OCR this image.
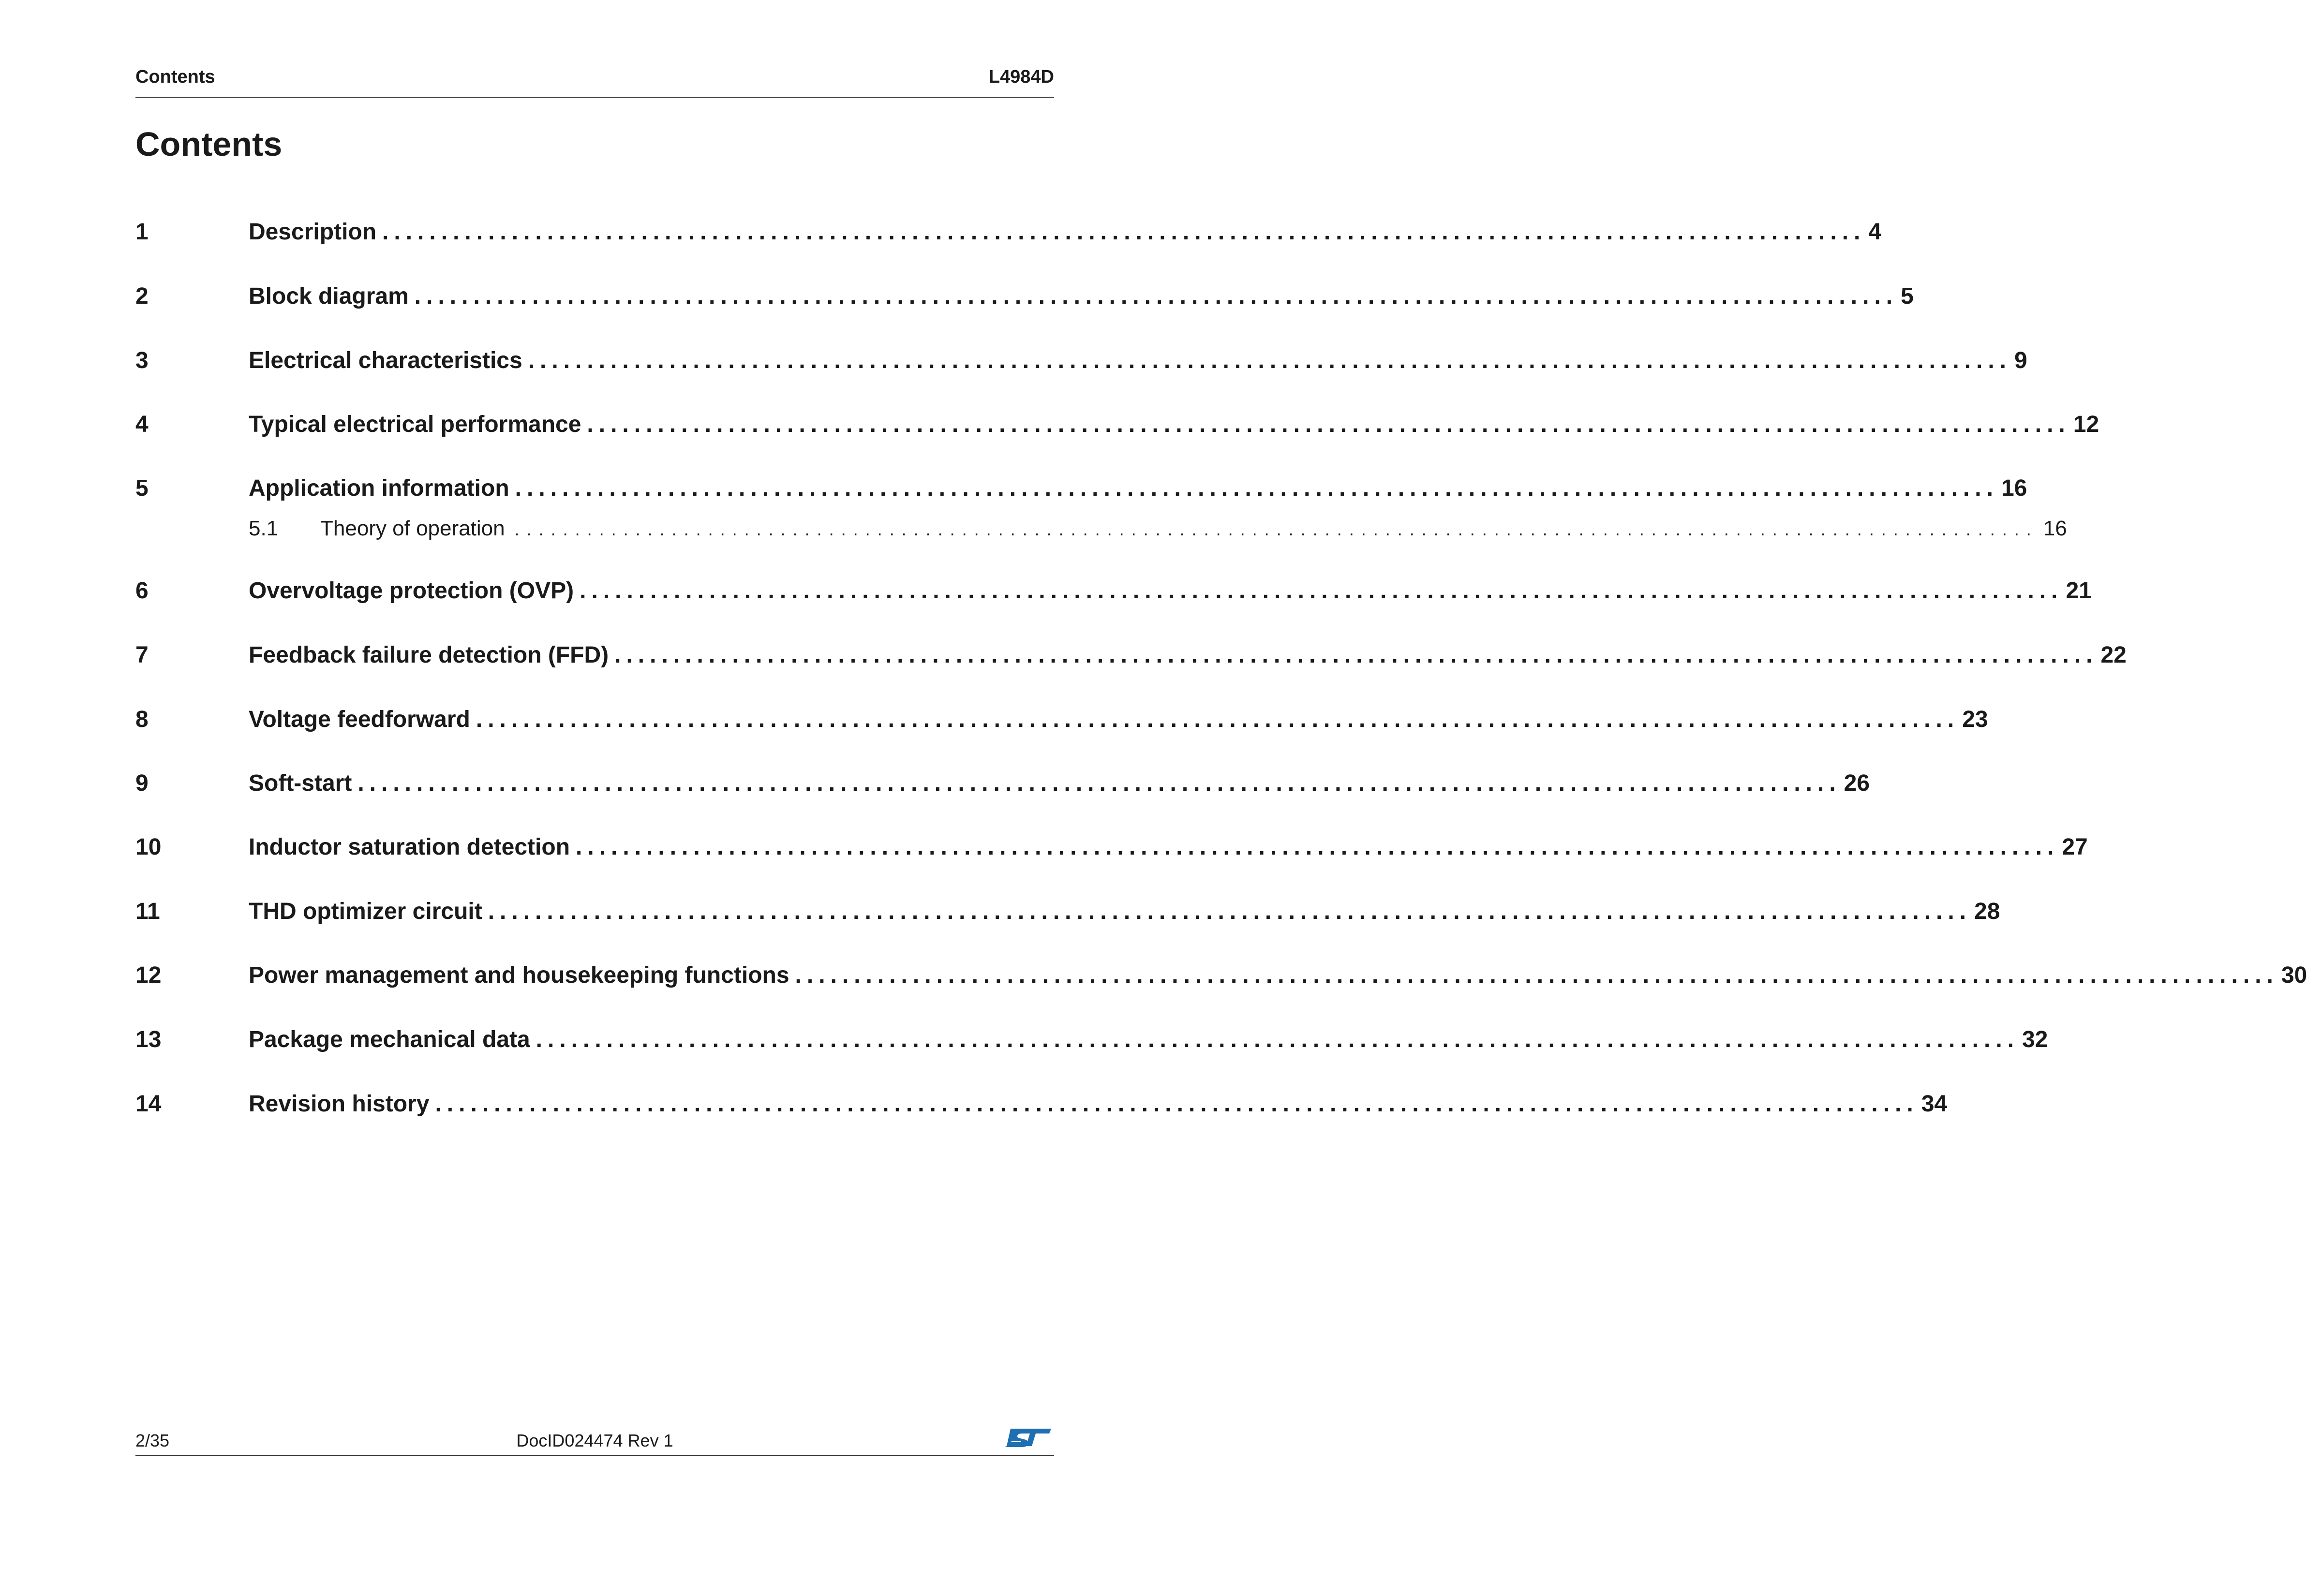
Contents	L4984D
Contents
1	Description .............................................................................................................................. 4
2	Block diagram .............................................................................................................................. 5
3	Electrical characteristics .............................................................................................................................. 9
4	Typical electrical performance .............................................................................................................................. 12
5	Application information .............................................................................................................................. 16
5.1	Theory of operation .............................................................................................................................. 16
6	Overvoltage protection (OVP) .............................................................................................................................. 21
7	Feedback failure detection (FFD) .............................................................................................................................. 22
8	Voltage feedforward .............................................................................................................................. 23
9	Soft-start .............................................................................................................................. 26
10	Inductor saturation detection .............................................................................................................................. 27
11	THD optimizer circuit .............................................................................................................................. 28
12	Power management and housekeeping functions .............................................................................................................................. 30
13	Package mechanical data .............................................................................................................................. 32
14	Revision history .............................................................................................................................. 34
2/35	DocID024474 Rev 1
